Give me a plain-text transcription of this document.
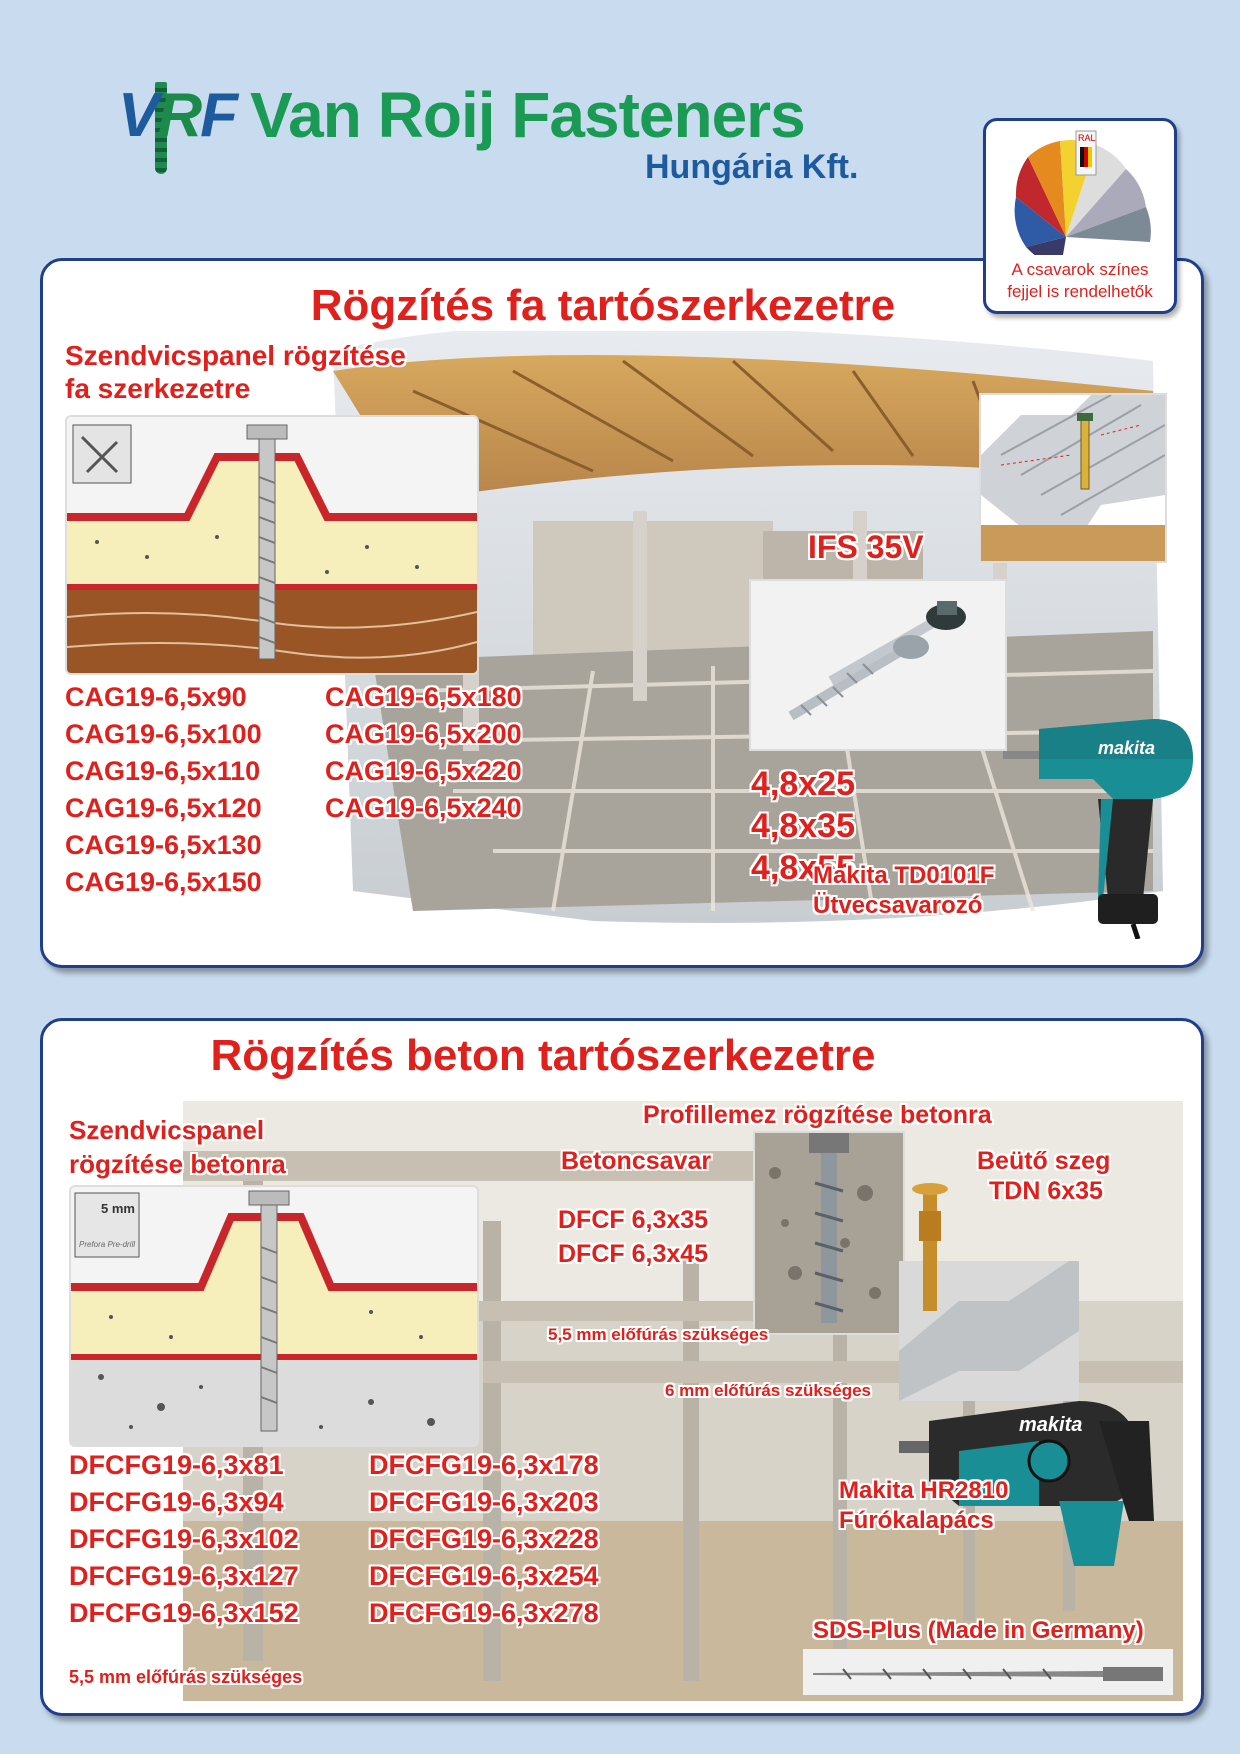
VRF Van Roij Fasteners
Hungária Kft.
Rögzítés fa tartószerkezetre
Szendvicspanel rögzítése
fa szerkezetre
CAG19-6,5x90
CAG19-6,5x100
CAG19-6,5x110
CAG19-6,5x120
CAG19-6,5x130
CAG19-6,5x150
CAG19-6,5x180
CAG19-6,5x200
CAG19-6,5x220
CAG19-6,5x240
IFS 35V
4,8x25
4,8x35
4,8x55
makita
Makita TD0101F
Ütvecsavarozó
RAL
A csavarok színes
fejjel is rendelhetők
Rögzítés beton tartószerkezetre
Szendvicspanel
rögzítése betonra
5 mm
Prefora Pre-drill
DFCFG19-6,3x81
DFCFG19-6,3x94
DFCFG19-6,3x102
DFCFG19-6,3x127
DFCFG19-6,3x152
DFCFG19-6,3x178
DFCFG19-6,3x203
DFCFG19-6,3x228
DFCFG19-6,3x254
DFCFG19-6,3x278
5,5 mm előfúrás szükséges
Profillemez rögzítése betonra
Betoncsavar
DFCF 6,3x35
DFCF 6,3x45
5,5 mm előfúrás szükséges
Beütő szeg
TDN 6x35
6 mm előfúrás szükséges
makita
Makita HR2810
Fúrókalapács
SDS-Plus (Made in Germany)
